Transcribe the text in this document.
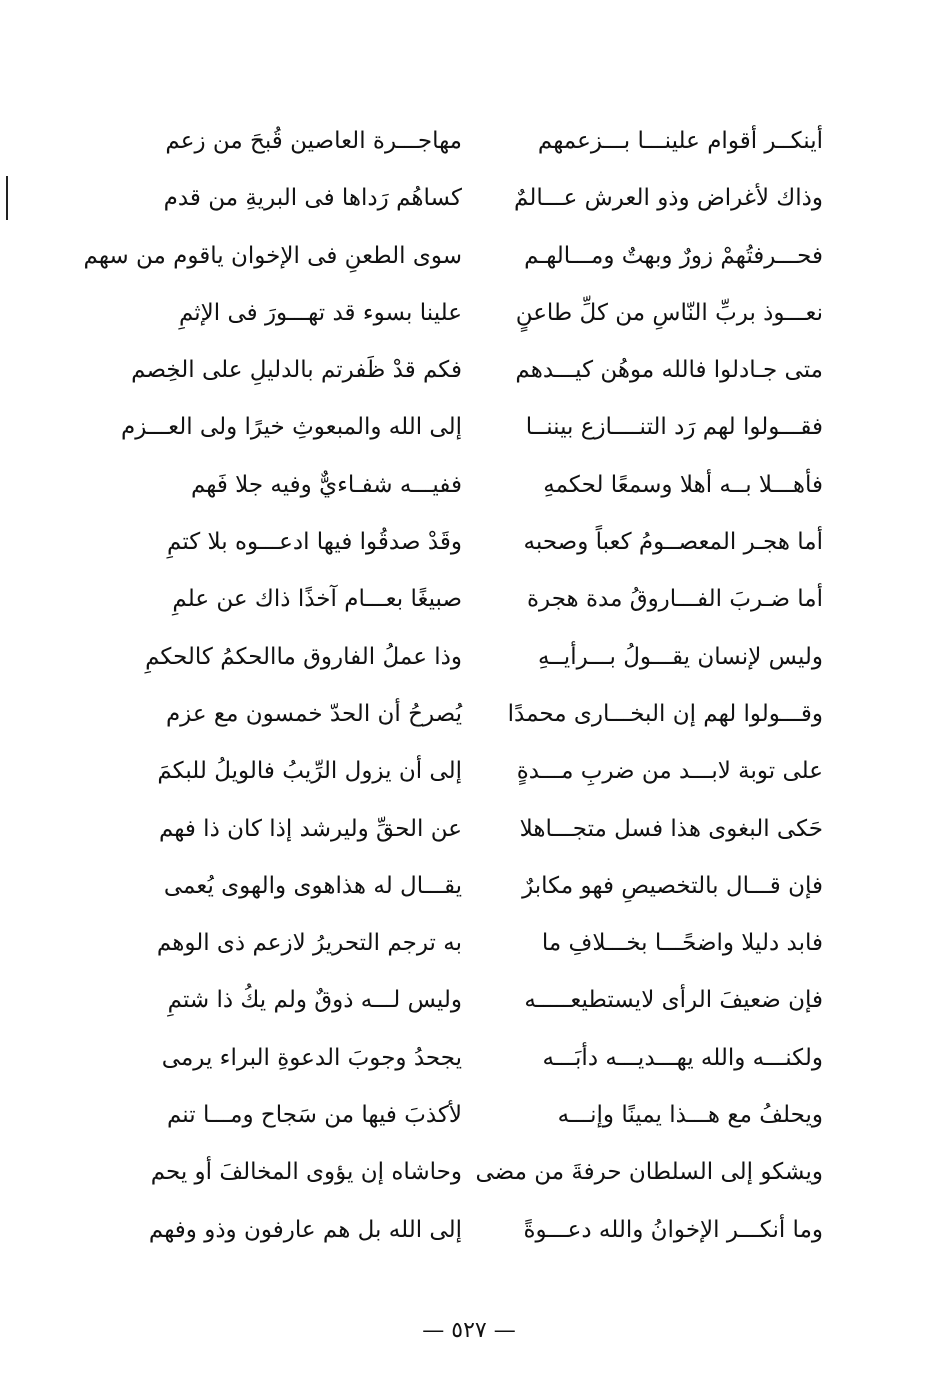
أينكــر أقوام علينـــا بـــزعمهم
وذاك لأغراض وذو العرش عـــالمٌ
فحـــرفتُهمْ زورٌ وبهتٌ ومـــالهـم
نعـــوذ بربِّ النّاسِ من كلِّ طاعنٍ
متى جـادلوا فالله موهُن كيـــدهم
فقـــولوا لهم رَد التنــــازع بيننــا
فأهـــلا بــه أهلا وسمعًا لحكمهِ
أما هجـر المعصــومُ كعباً وصحبه
أما ضـربَ الفـــاروقُ مدة هجرة
وليس لإنسان يقـــولُ بـــرأيــهِ
وقـــولوا لهم إن البخـــارى محمدًا
على توبة لابـــد من ضربِ مـــدةٍ
حَكى البغوى هذا فسل متجـــاهلا
فإن قـــال بالتخصيصِ فهو مكابرٌ
فابد دليلا واضحًـــا بخـــلافِ ما
فإن ضعيفَ الرأى لايستطيعـــــه
ولكنـــه والله يهـــديـــه دأبَـــه
ويحلفُ مع هـــذا يمينًا وإنـــه
ويشكو إلى السلطان حرفةَ من مضى
وما أنكـــر الإخوانُ والله دعـــوةً
مهاجـــرة العاصين قُبحَ من زعم
كساهُم رَداها فى البريةِ من قدم
سوى الطعنِ فى الإخوان ياقوم من سهم
علينا بسوء قد تهـــورَ فى الإثمِ
فكم قدْ ظَفرتم بالدليلِ على الخِصم
إلى الله والمبعوثِ خيرًا ولى العـــزم
ففيـــه شفـاءيٌّ وفيه جلا فَهم
وقَدْ صدقُوا فيها ادعـــوه بلا كتمِ
صبيغًا بعـــام آخذًا ذاك عن علمِ
وذا عملُ الفاروق ماالحكمُ كالحكمِ
يُصرحُ أن الحدّ خمسون مع عزم
إلى أن يزول الرِّيبُ فالويلُ للبكمَ
عن الحقِّ وليرشد إذا كان ذا فهم
يقـــال له هذاهوى والهوى يُعمى
به ترجم التحريرُ لازعم ذى الوهم
وليس لـــه ذوقٌ ولم يكُ ذا شتمِ
يجحدُ وجوبَ الدعوةِ البراء يرمى
لأكذبَ فيها من سَجاح ومـــا تنم
وحاشاه إن يؤوى المخالفَ أو يحم
إلى الله بل هم عارفون وذو وفهم
— ٥٢٧ —
